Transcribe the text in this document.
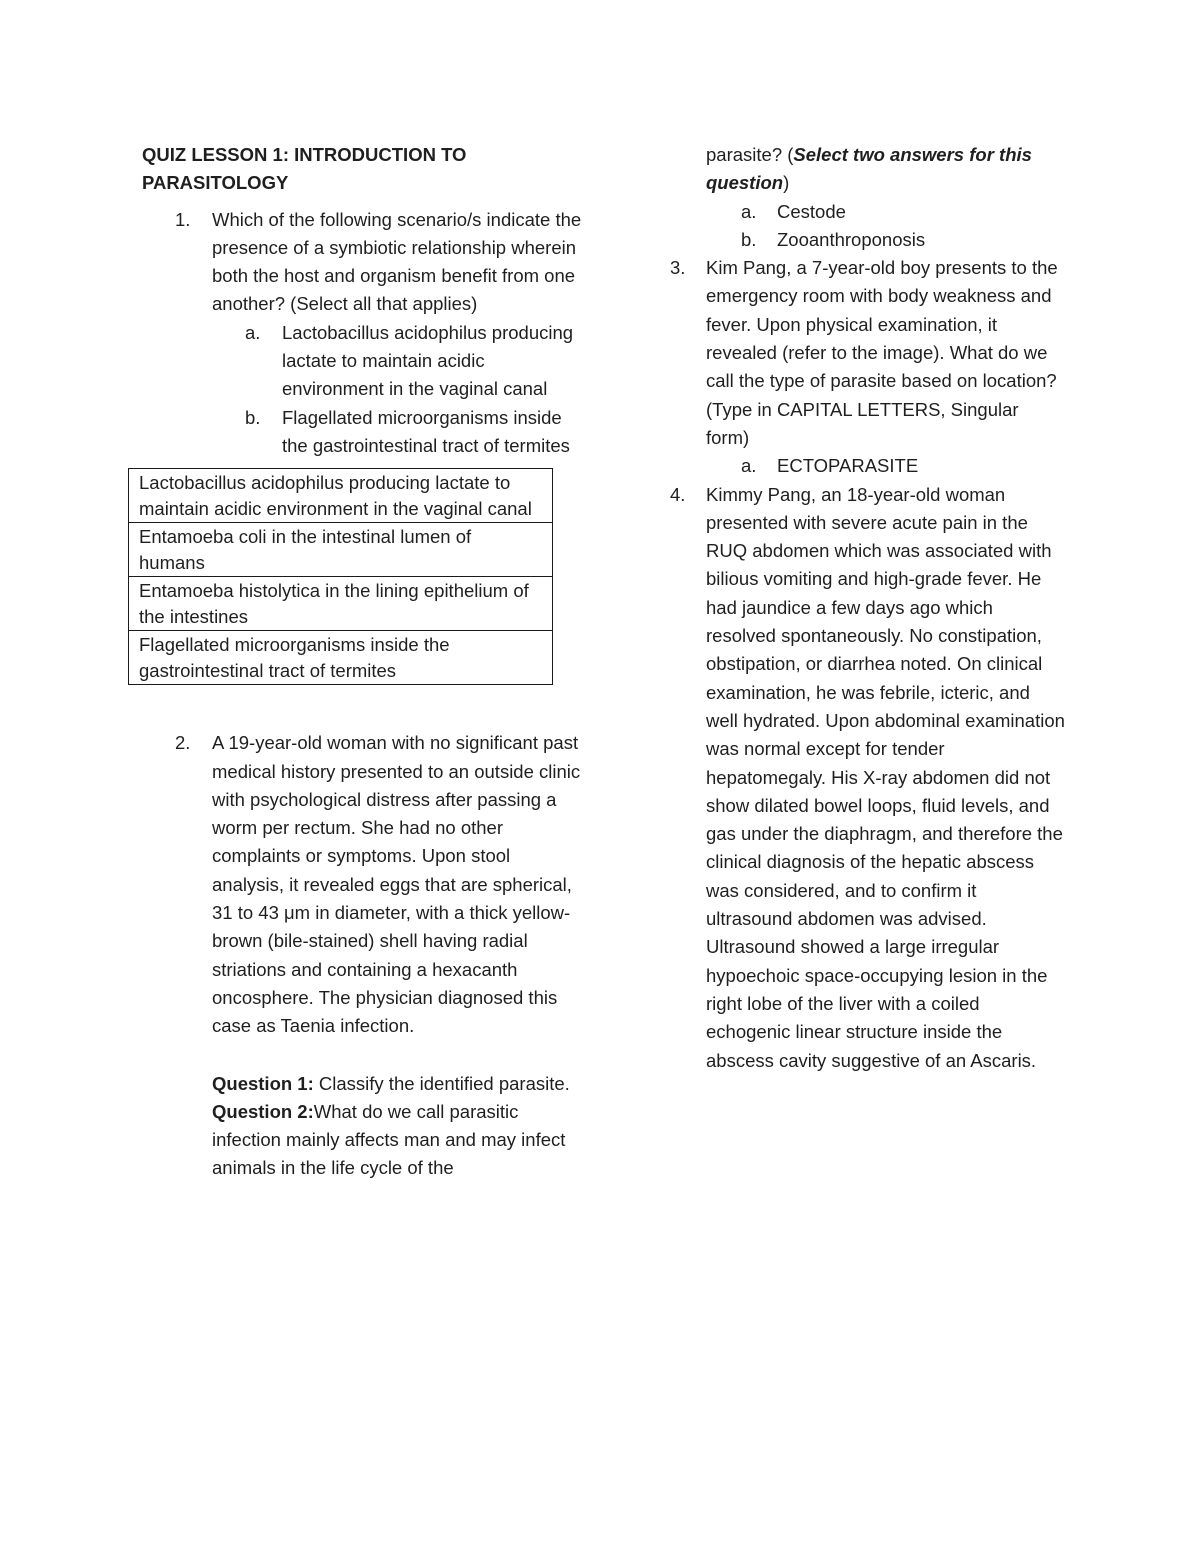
QUIZ LESSON 1: INTRODUCTION TO
PARASITOLOGY
1. Which of the following scenario/s indicate the presence of a symbiotic relationship wherein both the host and organism benefit from one another? (Select all that applies)
a. Lactobacillus acidophilus producing lactate to maintain acidic environment in the vaginal canal
b. Flagellated microorganisms inside the gastrointestinal tract of termites
Lactobacillus acidophilus producing lactate to maintain acidic environment in the vaginal canal
Entamoeba coli in the intestinal lumen of humans
Entamoeba histolytica in the lining epithelium of the intestines
Flagellated microorganisms inside the gastrointestinal tract of termites
2. A 19-year-old woman with no significant past medical history presented to an outside clinic with psychological distress after passing a worm per rectum. She had no other complaints or symptoms. Upon stool analysis, it revealed eggs that are spherical, 31 to 43 μm in diameter, with a thick yellow-brown (bile-stained) shell having radial striations and containing a hexacanth oncosphere. The physician diagnosed this case as Taenia infection.
Question 1: Classify the identified parasite.
Question 2:What do we call parasitic infection mainly affects man and may infect animals in the life cycle of the
parasite? (Select two answers for this question)
a. Cestode
b. Zooanthroponosis
3. Kim Pang, a 7-year-old boy presents to the emergency room with body weakness and fever. Upon physical examination, it revealed (refer to the image). What do we call the type of parasite based on location? (Type in CAPITAL LETTERS, Singular form)
a. ECTOPARASITE
4. Kimmy Pang, an 18-year-old woman presented with severe acute pain in the RUQ abdomen which was associated with bilious vomiting and high-grade fever. He had jaundice a few days ago which resolved spontaneously. No constipation, obstipation, or diarrhea noted. On clinical examination, he was febrile, icteric, and well hydrated. Upon abdominal examination was normal except for tender hepatomegaly. His X-ray abdomen did not show dilated bowel loops, fluid levels, and gas under the diaphragm, and therefore the clinical diagnosis of the hepatic abscess was considered, and to confirm it ultrasound abdomen was advised. Ultrasound showed a large irregular hypoechoic space-occupying lesion in the right lobe of the liver with a coiled echogenic linear structure inside the abscess cavity suggestive of an Ascaris.
